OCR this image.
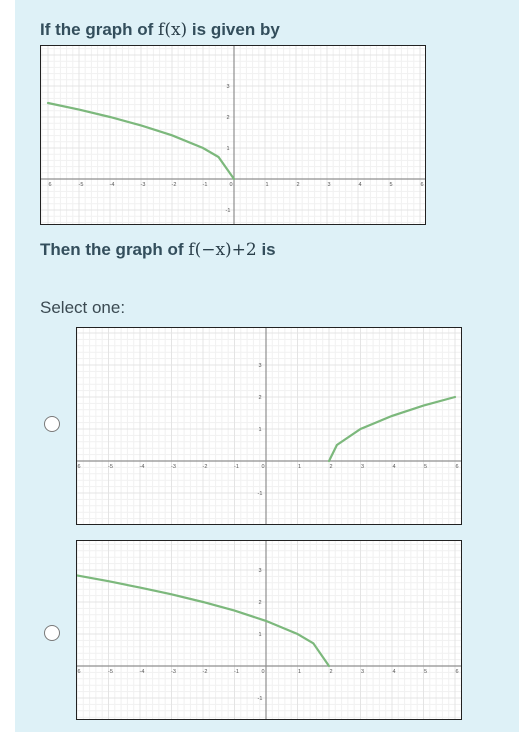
If the graph of f(x) is given by
6	-5	-4	-3	-2	-1	0	1	2	3	4	5	6
3
2
1
-1
Then the graph of f(−x)+2 is
Select one:
6	-5	-4	-3	-2	-1	0	1	2	3	4	5	6
3
2
1
-1
6	-5	-4	-3	-2	-1	0	1	2	3	4	5	6
3
2
1
-1
